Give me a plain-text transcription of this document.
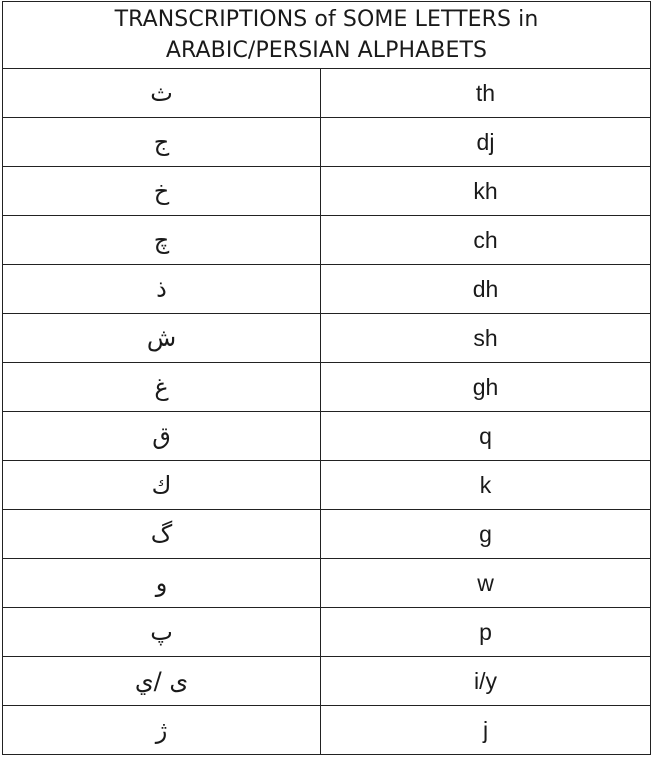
TRANSCRIPTIONS of SOME LETTERS in
ARABIC/PERSIAN ALPHABETS	

ث	th
ج	dj
خ	kh
چ	ch
ذ	dh
ش	sh
غ	gh
ق	q
ك	k
گ	g
و	w
پ	p
ى /ي	i/y
ژ	j
